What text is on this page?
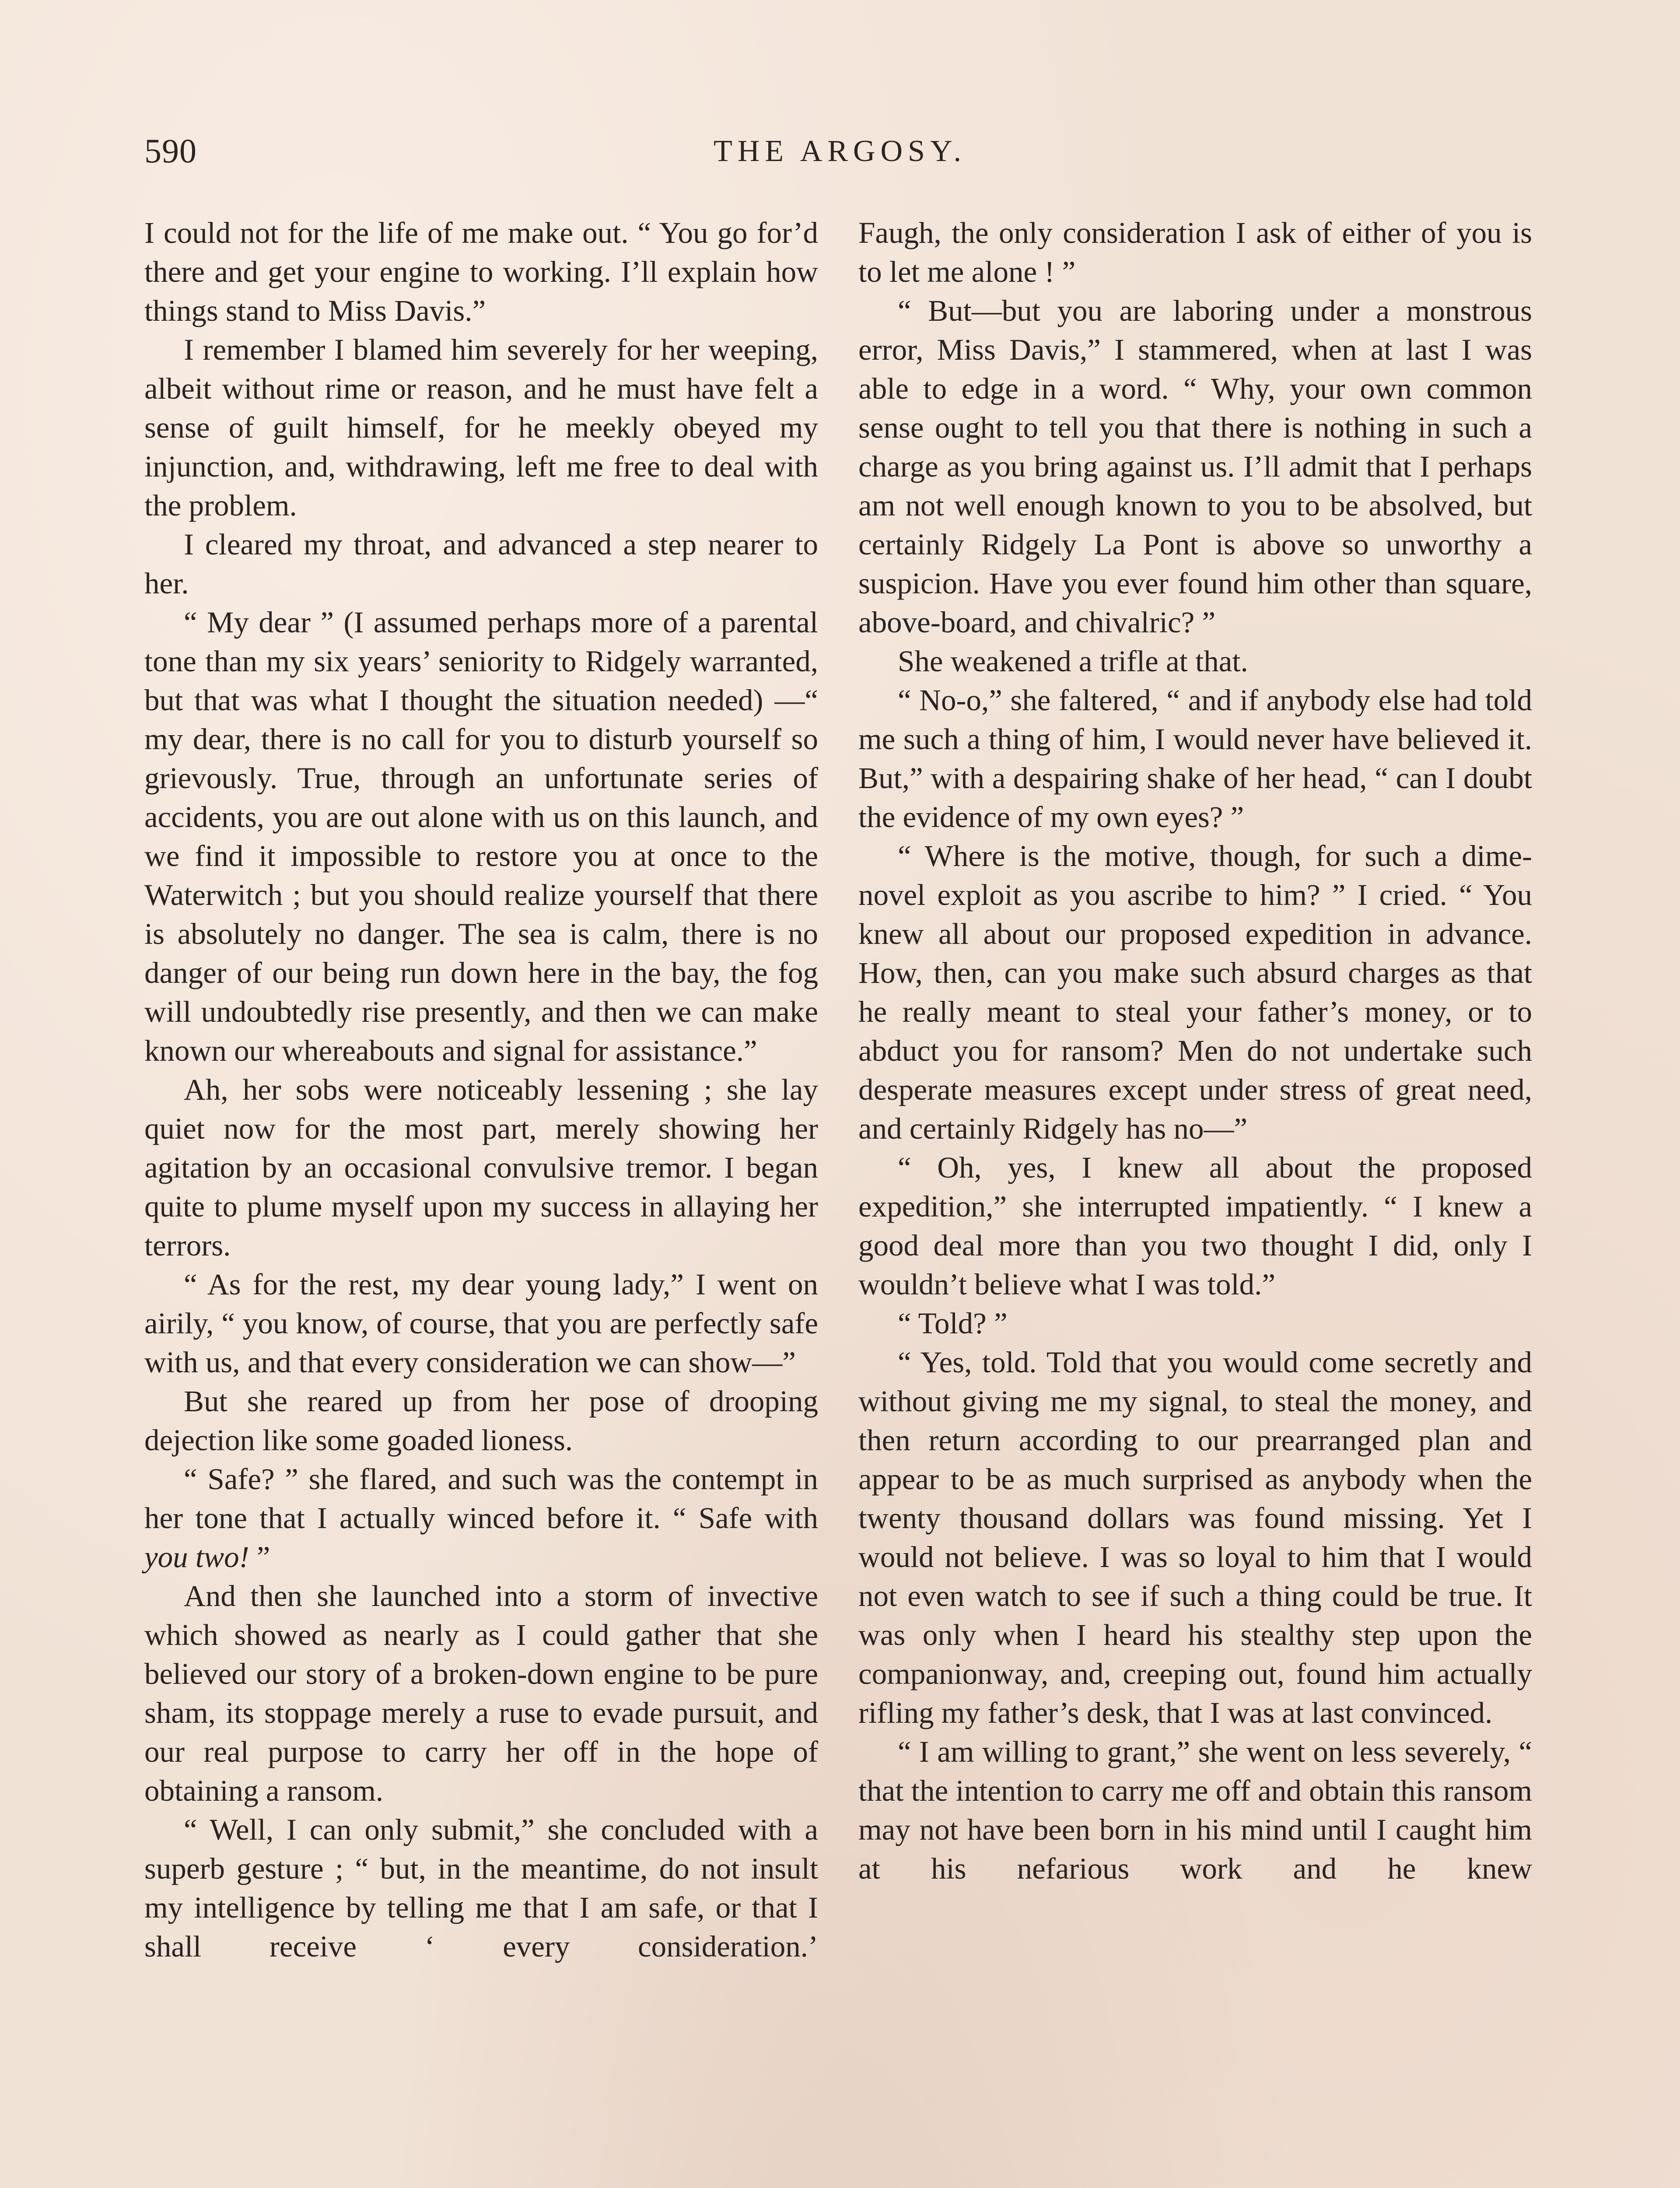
590	THE ARGOSY.

I could not for the life of me make out. “ You go for’d there and get your engine to working. I’ll explain how things stand to Miss Davis.”

I remember I blamed him severely for her weeping, albeit without rime or reason, and he must have felt a sense of guilt himself, for he meekly obeyed my injunction, and, withdrawing, left me free to deal with the problem.

I cleared my throat, and advanced a step nearer to her.

“ My dear ” (I assumed perhaps more of a parental tone than my six years’ seniority to Ridgely warranted, but that was what I thought the situation needed) —“ my dear, there is no call for you to disturb yourself so grievously. True, through an unfortunate series of accidents, you are out alone with us on this launch, and we find it impossible to restore you at once to the Waterwitch ; but you should realize yourself that there is absolutely no danger. The sea is calm, there is no danger of our being run down here in the bay, the fog will undoubtedly rise presently, and then we can make known our whereabouts and signal for assistance.”

Ah, her sobs were noticeably lessening ; she lay quiet now for the most part, merely showing her agitation by an occasional convulsive tremor. I began quite to plume myself upon my success in allaying her terrors.

“ As for the rest, my dear young lady,” I went on airily, “ you know, of course, that you are perfectly safe with us, and that every consideration we can show—”

But she reared up from her pose of drooping dejection like some goaded lioness.

“ Safe? ” she flared, and such was the contempt in her tone that I actually winced before it. “ Safe with you two! ”

And then she launched into a storm of invective which showed as nearly as I could gather that she believed our story of a broken-down engine to be pure sham, its stoppage merely a ruse to evade pursuit, and our real purpose to carry her off in the hope of obtaining a ransom.

“ Well, I can only submit,” she concluded with a superb gesture ; “ but, in the meantime, do not insult my intelligence by telling me that I am safe, or that I shall receive ‘ every consideration.’

Faugh, the only consideration I ask of either of you is to let me alone ! ”

“ But—but you are laboring under a monstrous error, Miss Davis,” I stammered, when at last I was able to edge in a word. “ Why, your own common sense ought to tell you that there is nothing in such a charge as you bring against us. I’ll admit that I perhaps am not well enough known to you to be absolved, but certainly Ridgely La Pont is above so unworthy a suspicion. Have you ever found him other than square, above-board, and chivalric? ”

She weakened a trifle at that.

“ No-o,” she faltered, “ and if anybody else had told me such a thing of him, I would never have believed it. But,” with a despairing shake of her head, “ can I doubt the evidence of my own eyes? ”

“ Where is the motive, though, for such a dime-novel exploit as you ascribe to him? ” I cried. “ You knew all about our proposed expedition in advance. How, then, can you make such absurd charges as that he really meant to steal your father’s money, or to abduct you for ransom? Men do not undertake such desperate measures except under stress of great need, and certainly Ridgely has no—”

“ Oh, yes, I knew all about the proposed expedition,” she interrupted impatiently. “ I knew a good deal more than you two thought I did, only I wouldn’t believe what I was told.”

“ Told? ”

“ Yes, told. Told that you would come secretly and without giving me my signal, to steal the money, and then return according to our prearranged plan and appear to be as much surprised as anybody when the twenty thousand dollars was found missing. Yet I would not believe. I was so loyal to him that I would not even watch to see if such a thing could be true. It was only when I heard his stealthy step upon the companionway, and, creeping out, found him actually rifling my father’s desk, that I was at last convinced.

“ I am willing to grant,” she went on less severely, “ that the intention to carry me off and obtain this ransom may not have been born in his mind until I caught him at his nefarious work and he knew
